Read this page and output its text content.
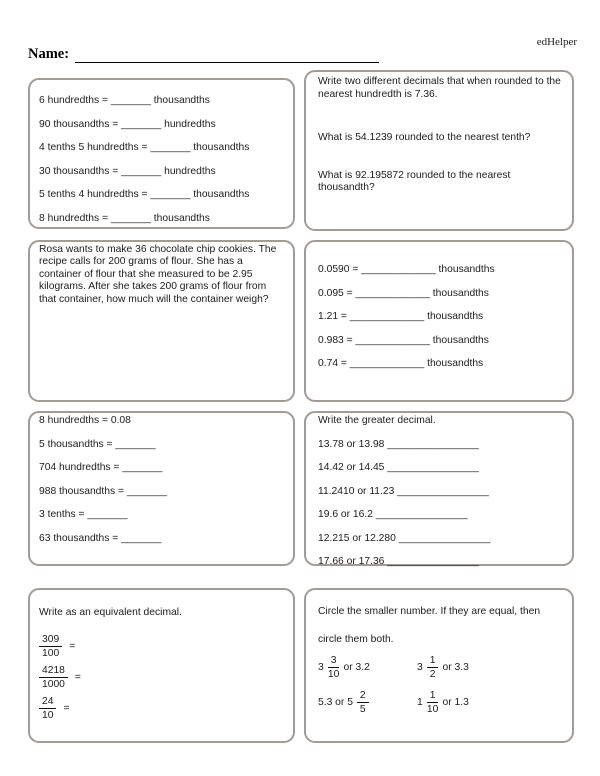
edHelper
Name:
6 hundredths = _______ thousandths
90 thousandths = _______ hundredths
4 tenths 5 hundredths = _______ thousandths
30 thousandths = _______ hundredths
5 tenths 4 hundredths = _______ thousandths
8 hundredths = _______ thousandths
Write two different decimals that when rounded to the nearest hundredth is 7.36.
What is 54.1239 rounded to the nearest tenth?
What is 92.195872 rounded to the nearest thousandth?
Rosa wants to make 36 chocolate chip cookies. The recipe calls for 200 grams of flour. She has a container of flour that she measured to be 2.95 kilograms. After she takes 200 grams of flour from that container, how much will the container weigh?
0.0590 = _____________ thousandths
0.095 = _____________ thousandths
1.21 = _____________ thousandths
0.983 = _____________ thousandths
0.74 = _____________ thousandths
8 hundredths = 0.08
5 thousandths = _______
704 hundredths = _______
988 thousandths = _______
3 tenths = _______
63 thousandths = _______
Write the greater decimal.
13.78 or 13.98 ________________
14.42 or 14.45 ________________
11.2410 or 11.23 ________________
19.6 or 16.2 ________________
12.215 or 12.280 ________________
17.66 or 17.36 ________________
Write as an equivalent decimal.
$\frac{309}{100}$ =
$\frac{4218}{1000}$ =
$\frac{24}{10}$ =
Circle the smaller number. If they are equal, then
circle them both.
$3 \frac{3}{10}$ or 3.2	$3 \frac{1}{2}$ or 3.3
5.3 or $5 \frac{2}{5}$	$1 \frac{1}{10}$ or 1.3
